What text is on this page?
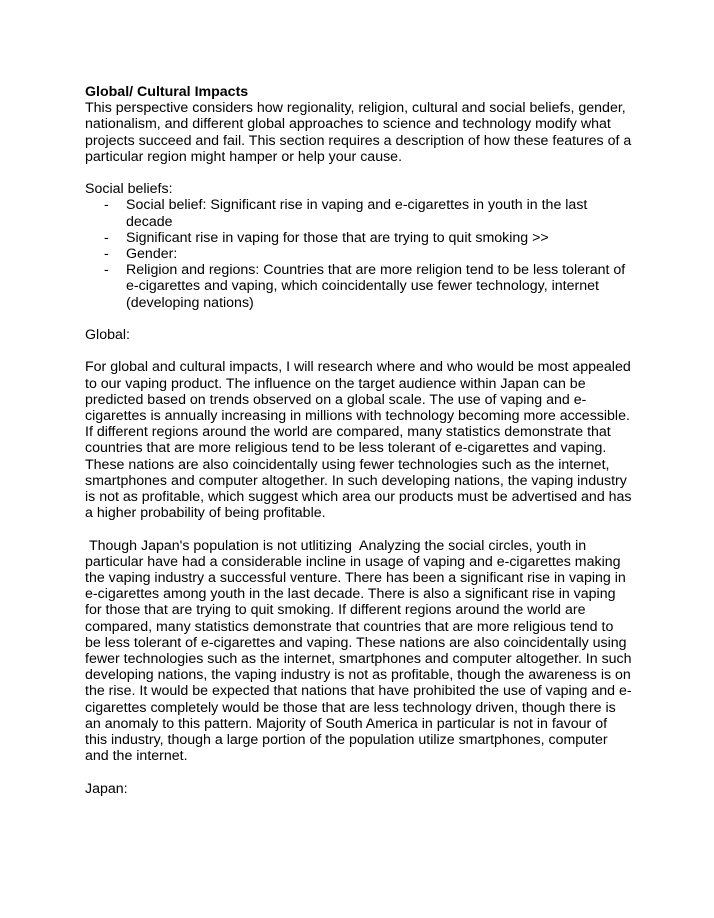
Global/ Cultural Impacts

This perspective considers how regionality, religion, cultural and social beliefs, gender, nationalism, and different global approaches to science and technology modify what projects succeed and fail. This section requires a description of how these features of a particular region might hamper or help your cause.

Social beliefs:

- Social belief: Significant rise in vaping and e-cigarettes in youth in the last decade
- Significant rise in vaping for those that are trying to quit smoking >>
- Gender:
- Religion and regions: Countries that are more religion tend to be less tolerant of e-cigarettes and vaping, which coincidentally use fewer technology, internet (developing nations)

Global:

For global and cultural impacts, I will research where and who would be most appealed to our vaping product. The influence on the target audience within Japan can be predicted based on trends observed on a global scale. The use of vaping and e-cigarettes is annually increasing in millions with technology becoming more accessible. If different regions around the world are compared, many statistics demonstrate that countries that are more religious tend to be less tolerant of e-cigarettes and vaping. These nations are also coincidentally using fewer technologies such as the internet, smartphones and computer altogether. In such developing nations, the vaping industry is not as profitable, which suggest which area our products must be advertised and has a higher probability of being profitable.

Though Japan's population is not utlitizing  Analyzing the social circles, youth in particular have had a considerable incline in usage of vaping and e-cigarettes making the vaping industry a successful venture. There has been a significant rise in vaping in e-cigarettes among youth in the last decade. There is also a significant rise in vaping for those that are trying to quit smoking. If different regions around the world are compared, many statistics demonstrate that countries that are more religious tend to be less tolerant of e-cigarettes and vaping. These nations are also coincidentally using fewer technologies such as the internet, smartphones and computer altogether. In such developing nations, the vaping industry is not as profitable, though the awareness is on the rise. It would be expected that nations that have prohibited the use of vaping and e-cigarettes completely would be those that are less technology driven, though there is an anomaly to this pattern. Majority of South America in particular is not in favour of this industry, though a large portion of the population utilize smartphones, computer and the internet.

Japan:
